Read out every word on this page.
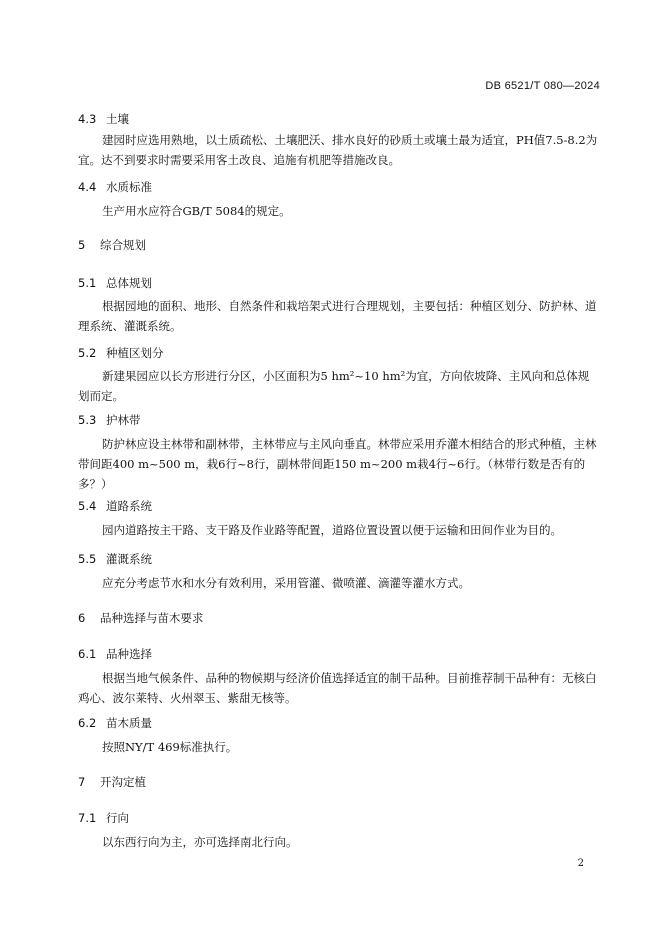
DB 6521/T 080—2024
4.3 土壤
建园时应选用熟地，以土质疏松、土壤肥沃、排水良好的砂质土或壤土最为适宜，PH值7.5-8.2为宜。达不到要求时需要采用客土改良、追施有机肥等措施改良。
4.4 水质标准
生产用水应符合GB/T 5084的规定。
5 综合规划
5.1 总体规划
根据园地的面积、地形、自然条件和栽培架式进行合理规划，主要包括：种植区划分、防护林、道理系统、灌溉系统。
5.2 种植区划分
新建果园应以长方形进行分区，小区面积为5 hm²~10 hm²为宜，方向依坡降、主风向和总体规划而定。
5.3 护林带
防护林应设主林带和副林带，主林带应与主风向垂直。林带应采用乔灌木相结合的形式种植，主林带间距400 m~500 m，栽6行~8行，副林带间距150 m~200 m栽4行~6行。（林带行数是否有的多？）
5.4 道路系统
园内道路按主干路、支干路及作业路等配置，道路位置设置以便于运输和田间作业为目的。
5.5 灌溉系统
应充分考虑节水和水分有效利用，采用管灌、微喷灌、滴灌等灌水方式。
6 品种选择与苗木要求
6.1 品种选择
根据当地气候条件、品种的物候期与经济价值选择适宜的制干品种。目前推荐制干品种有：无核白鸡心、波尔莱特、火州翠玉、紫甜无核等。
6.2 苗木质量
按照NY/T 469标准执行。
7 开沟定植
7.1 行向
以东西行向为主，亦可选择南北行向。
2
